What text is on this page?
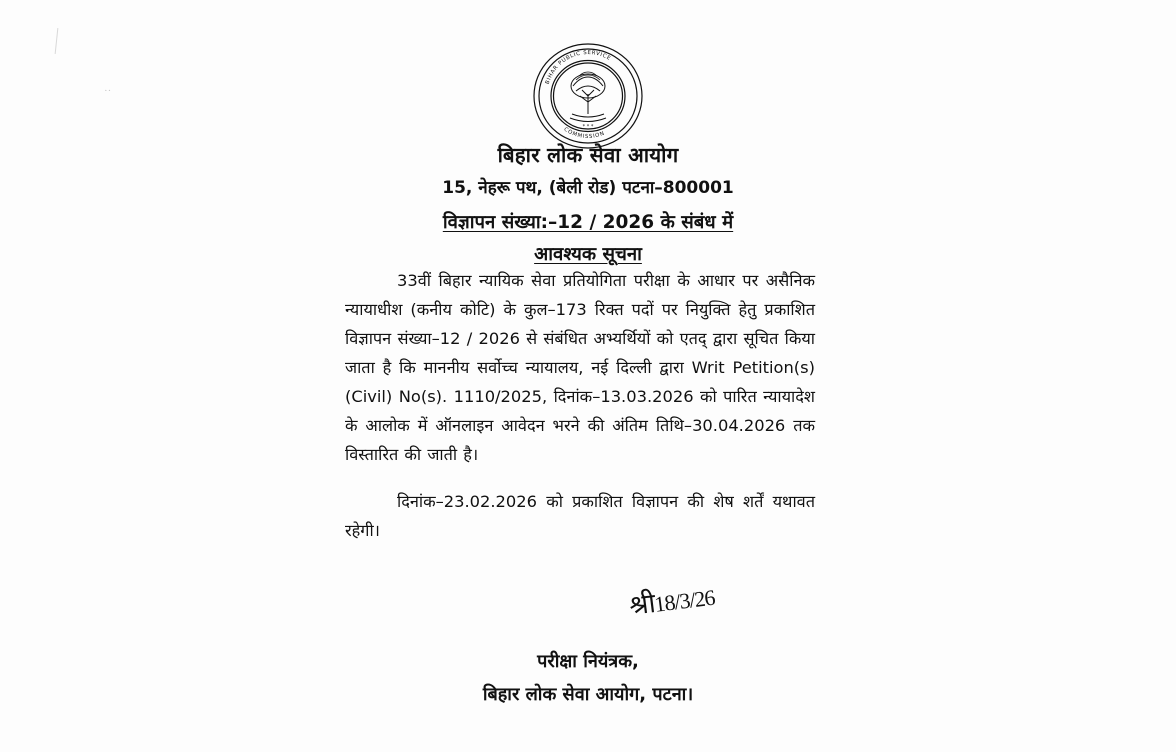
··
BIHAR PUBLIC SERVICE
COMMISSION
* * *
बिहार लोक सेवा आयोग
15, नेहरू पथ, (बेली रोड) पटना–800001
विज्ञापन संख्या:–12 / 2026 के संबंध में
आवश्यक सूचना
33वीं बिहार न्यायिक सेवा प्रतियोगिता परीक्षा के आधार पर असैनिक न्यायाधीश (कनीय कोटि) के कुल–173 रिक्त पदों पर नियुक्ति हेतु प्रकाशित विज्ञापन संख्या–12 / 2026 से संबंधित अभ्यर्थियों को एतद् द्वारा सूचित किया जाता है कि माननीय सर्वोच्च न्यायालय, नई दिल्ली द्वारा Writ Petition(s) (Civil) No(s). 1110/2025, दिनांक–13.03.2026 को पारित न्यायादेश के आलोक में ऑनलाइन आवेदन भरने की अंतिम तिथि–30.04.2026 तक विस्तारित की जाती है।
दिनांक–23.02.2026 को प्रकाशित विज्ञापन की शेष शर्तें यथावत रहेगी।
श्री18/3/26
परीक्षा नियंत्रक,
बिहार लोक सेवा आयोग, पटना।
